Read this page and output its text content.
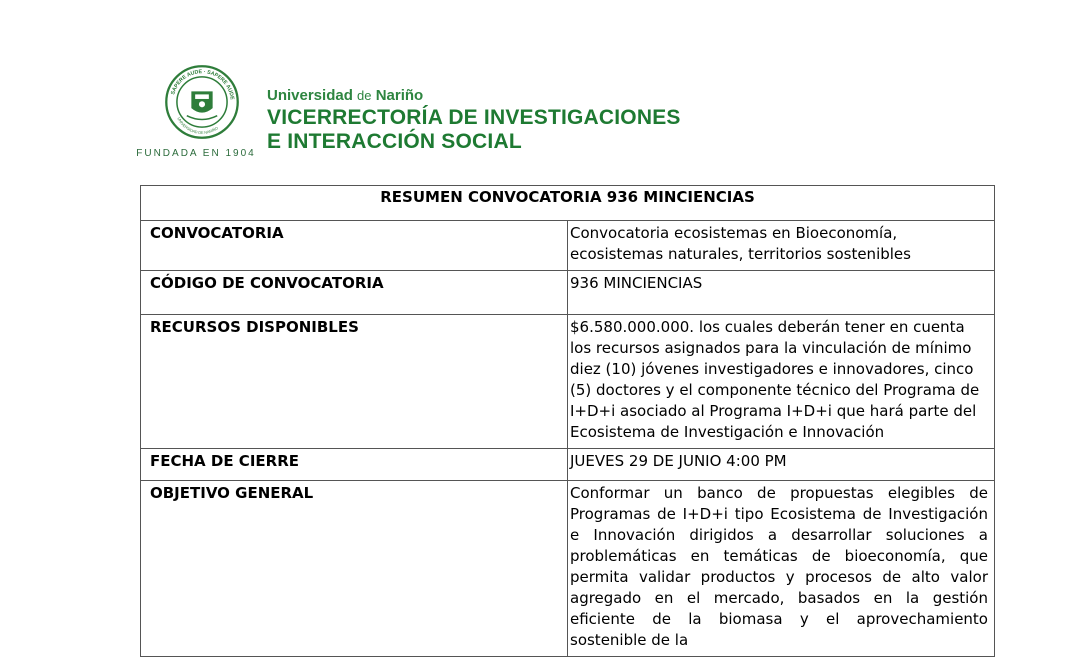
SAPERE AUDE · SAPERE AUDE
UNIVERSIDAD DE NARIÑO
FUNDADA EN 1904
Universidad de Nariño
VICERRECTORÍA DE INVESTIGACIONES
E INTERACCIÓN SOCIAL
RESUMEN CONVOCATORIA 936 MINCIENCIAS	
CONVOCATORIA	Convocatoria ecosistemas en Bioeconomía, ecosistemas naturales, territorios sostenibles
CÓDIGO DE CONVOCATORIA	936 MINCIENCIAS
RECURSOS DISPONIBLES	$6.580.000.000. los cuales deberán tener en cuenta los recursos asignados para la vinculación de mínimo diez (10) jóvenes investigadores e innovadores, cinco (5) doctores y el componente técnico del Programa de I+D+i asociado al Programa I+D+i que hará parte del Ecosistema de Investigación e Innovación
FECHA DE CIERRE	JUEVES 29 DE JUNIO 4:00 PM
OBJETIVO GENERAL	Conformar un banco de propuestas elegibles de Programas de I+D+i tipo Ecosistema de Investigación e Innovación dirigidos a desarrollar soluciones a problemáticas en temáticas de bioeconomía, que permita validar productos y procesos de alto valor agregado en el mercado, basados en la gestión eficiente de la biomasa y el aprovechamiento sostenible de la
